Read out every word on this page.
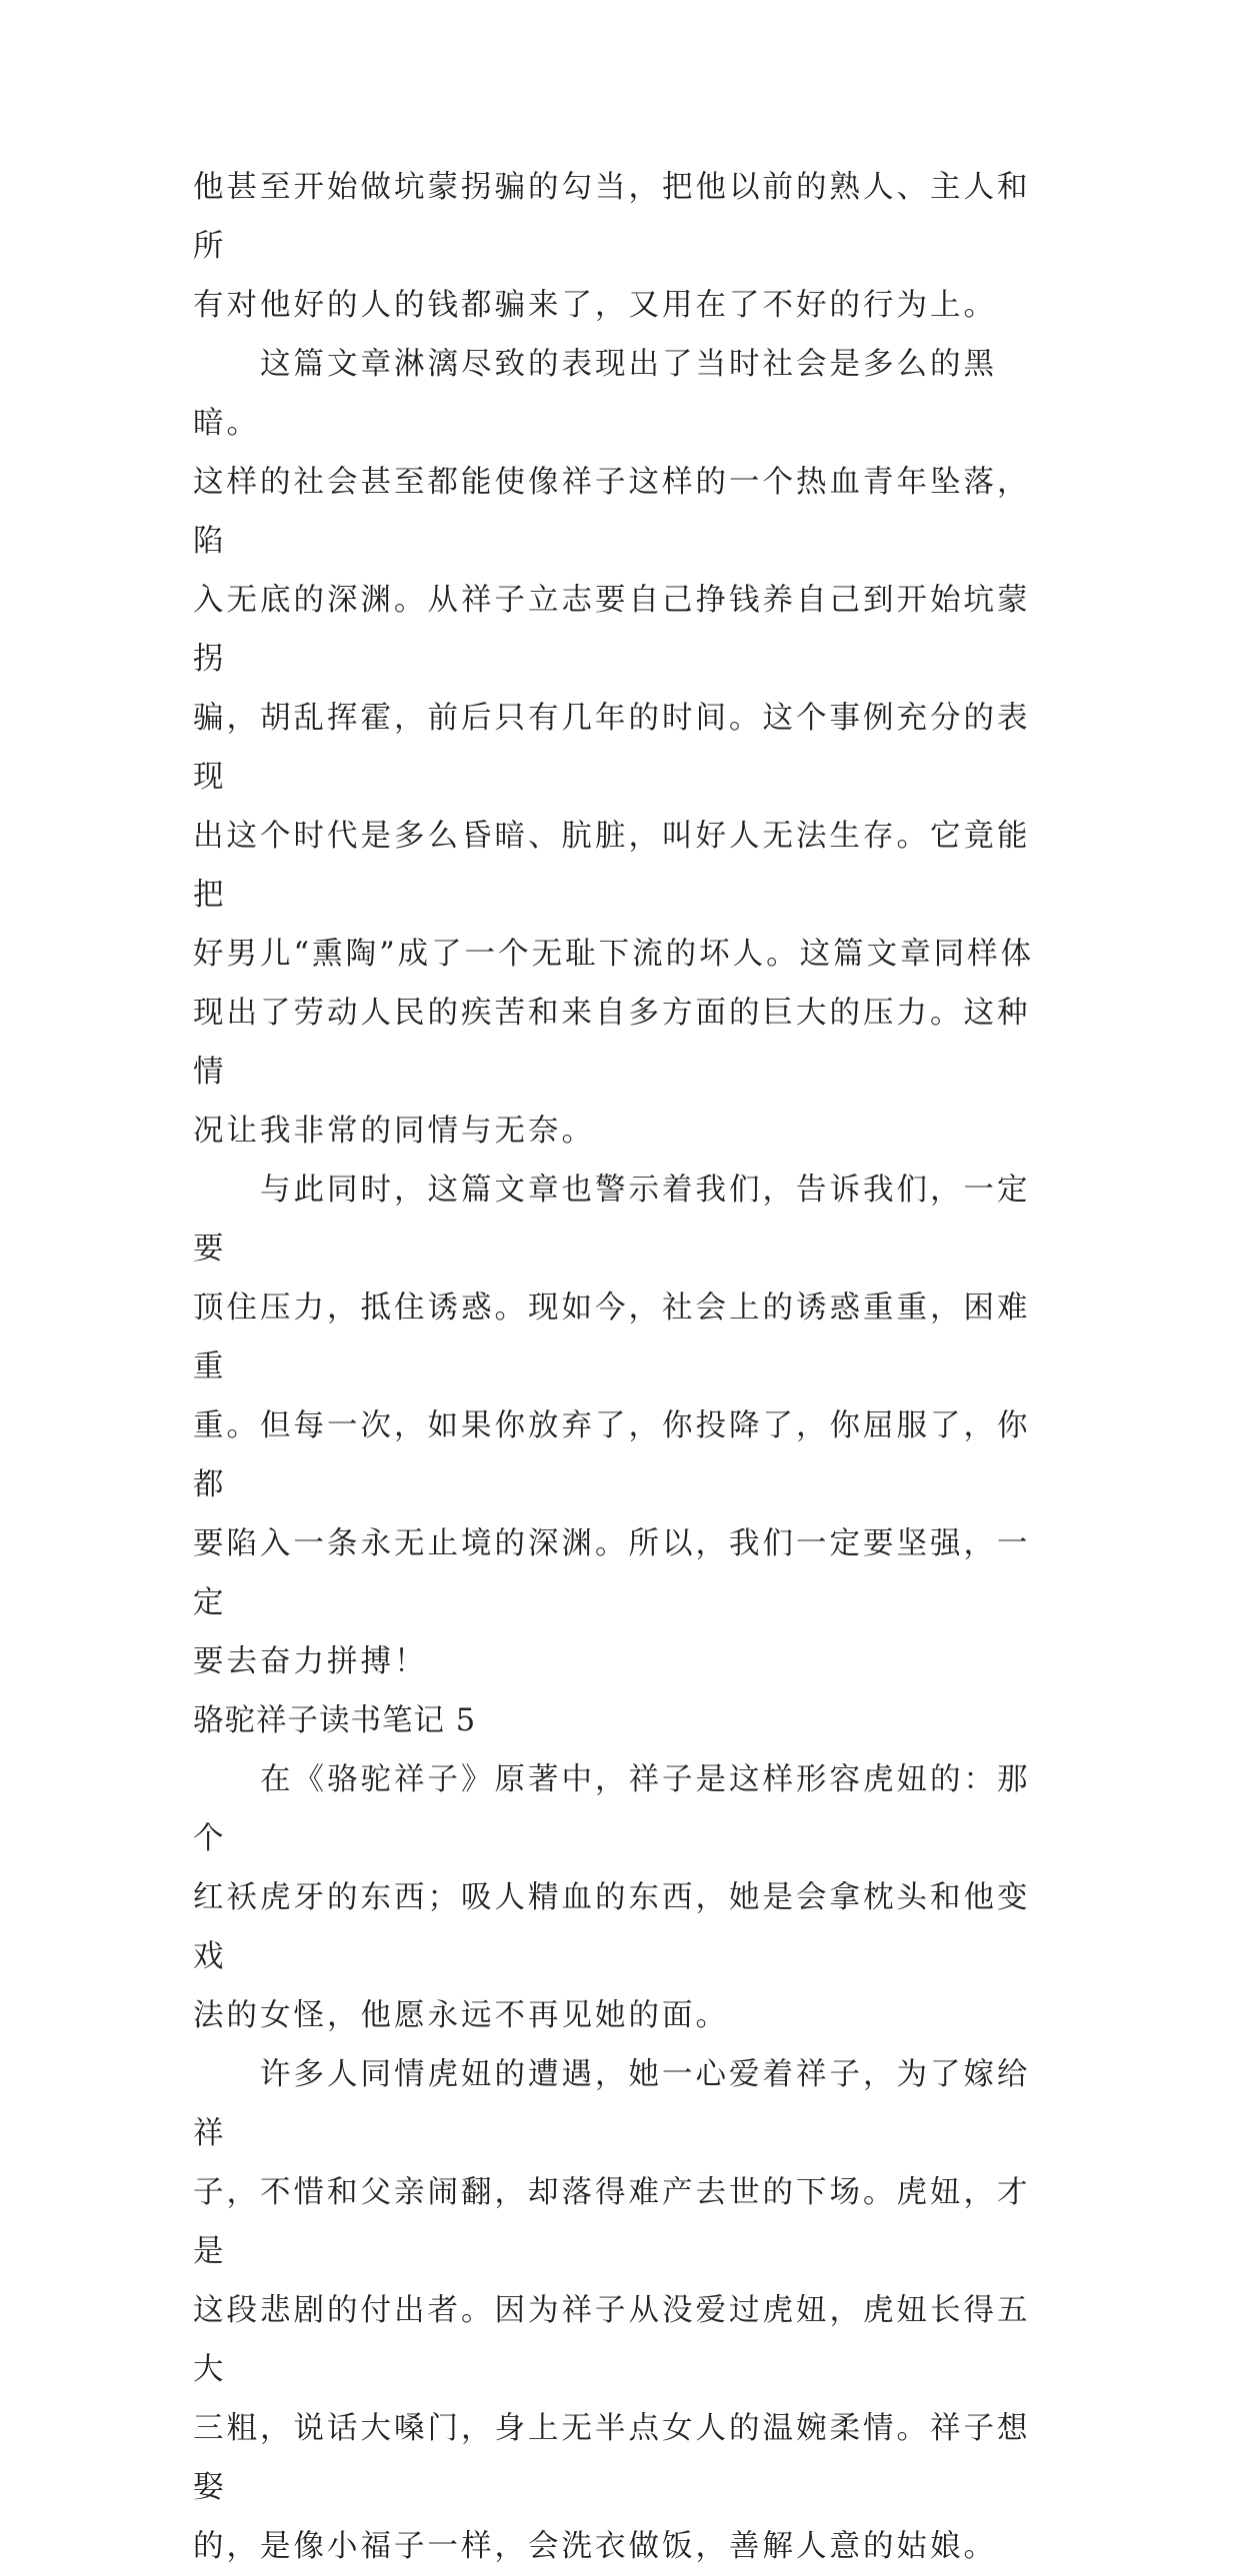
他甚至开始做坑蒙拐骗的勾当，把他以前的熟人、主人和所
有对他好的人的钱都骗来了，又用在了不好的行为上。

　　这篇文章淋漓尽致的表现出了当时社会是多么的黑暗。
这样的社会甚至都能使像祥子这样的一个热血青年坠落，陷
入无底的深渊。从祥子立志要自己挣钱养自己到开始坑蒙拐
骗，胡乱挥霍，前后只有几年的时间。这个事例充分的表现
出这个时代是多么昏暗、肮脏，叫好人无法生存。它竟能把
好男儿“熏陶”成了一个无耻下流的坏人。这篇文章同样体
现出了劳动人民的疾苦和来自多方面的巨大的压力。这种情
况让我非常的同情与无奈。

　　与此同时，这篇文章也警示着我们，告诉我们，一定要
顶住压力，抵住诱惑。现如今，社会上的诱惑重重，困难重
重。但每一次，如果你放弃了，你投降了，你屈服了，你都
要陷入一条永无止境的深渊。所以，我们一定要坚强，一定
要去奋力拼搏！

骆驼祥子读书笔记 5

　　在《骆驼祥子》原著中，祥子是这样形容虎妞的：那个
红袄虎牙的东西；吸人精血的东西，她是会拿枕头和他变戏
法的女怪，他愿永远不再见她的面。

　　许多人同情虎妞的遭遇，她一心爱着祥子，为了嫁给祥
子，不惜和父亲闹翻，却落得难产去世的下场。虎妞，才是
这段悲剧的付出者。因为祥子从没爱过虎妞，虎妞长得五大
三粗，说话大嗓门，身上无半点女人的温婉柔情。祥子想娶
的，是像小福子一样，会洗衣做饭，善解人意的姑娘。
